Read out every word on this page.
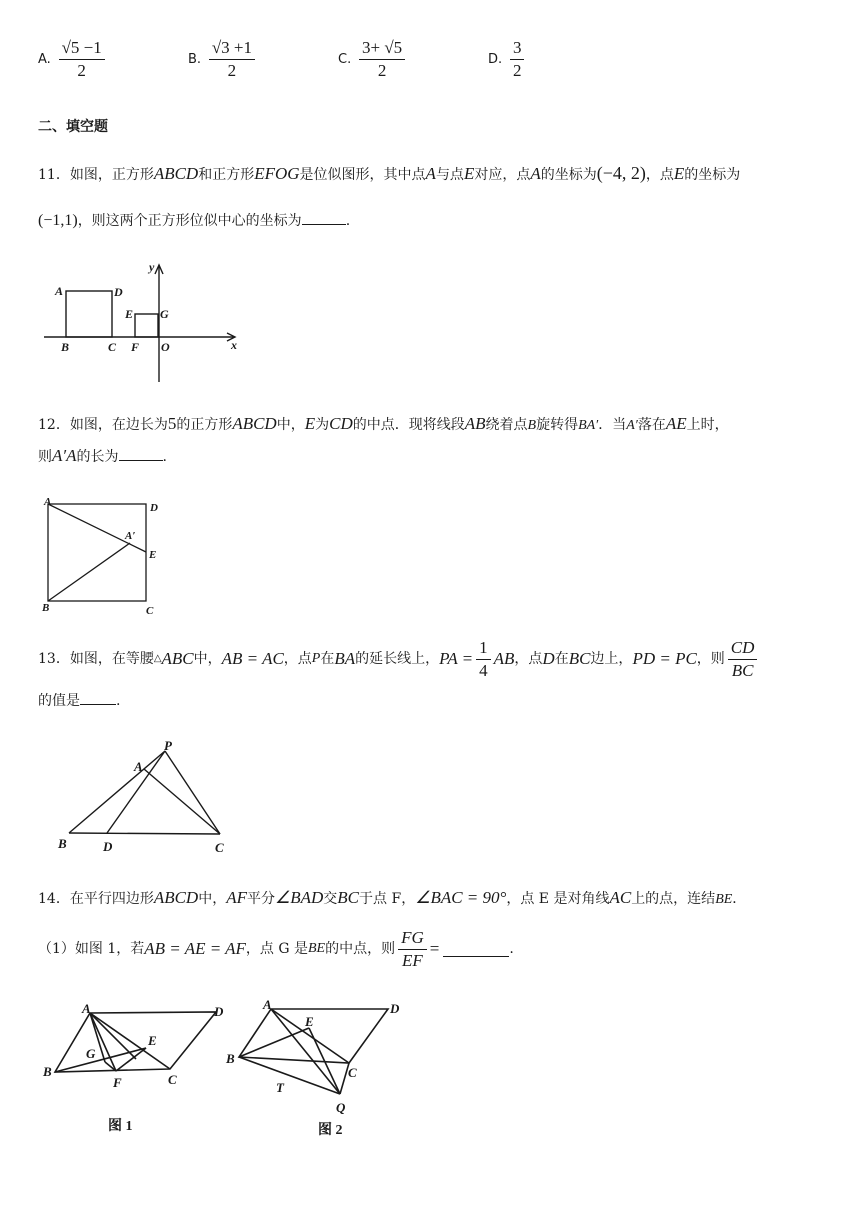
A. $\frac{√5 -1}{2}$	B. $\frac{√3 +1}{2}$	C. $\frac{3+ √5}{2}$	D. $\frac{3}{2}$
二、填空题
11．如图，正方形ABCD和正方形EFOG是位似图形，其中点A与点E对应，点A的坐标为(−4, 2)，点E的坐标为
(−1,1)，则这两个正方形位似中心的坐标为	.
y
x
A	D
E G
B	C F O
12．如图，在边长为5的正方形ABCD中，E为CD的中点．现将线段AB绕着点B旋转得BA′．当A′落在AE上时，
则A′A的长为	.
A	D
A′
E
B	C
13．如图，在等腰△ABC中，AB = AC，点P在BA的延长线上，PA = $\frac{1}{4}$ AB，点D在BC边上，PD = PC，则 $\frac{CD}{BC}$
的值是	.
P
A
B	D	C
14．在平行四边形ABCD中，AF平分∠BAD交BC于点 F，∠BAC = 90°，点 E 是对角线AC上的点，连结BE．
（1）如图 1，若AB = AE = AF，点 G 是BE的中点，则 $\frac{FG}{EF}$ =	.
A	D
E
G
B
F	C
图 1
A	D
E
B
C
T
Q
图 2
